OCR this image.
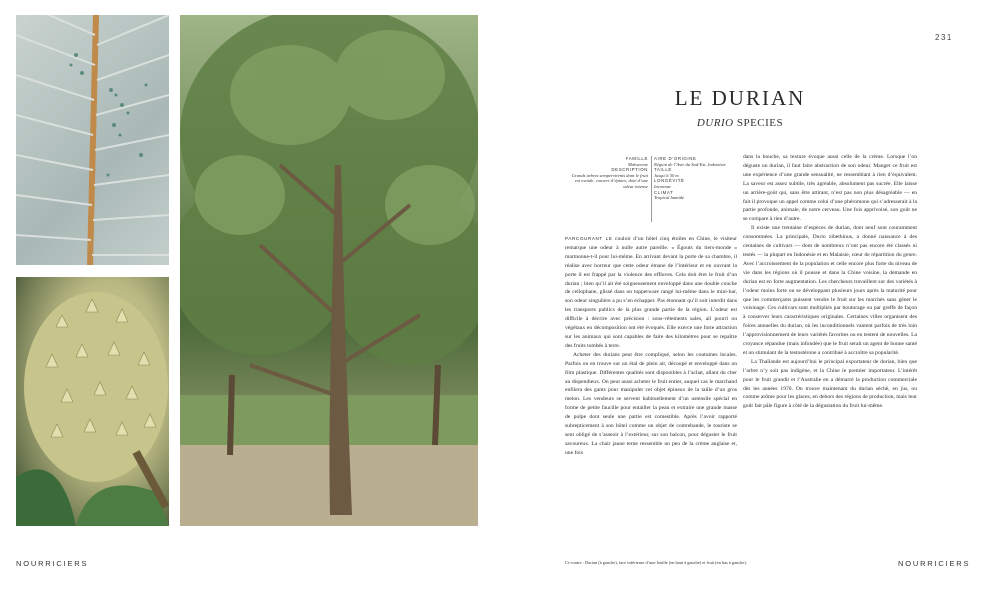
NOURRICIERS
231
LE DURIAN
DURIO SPECIES
FAMILLE
Malvaceae
DESCRIPTION
Grands arbres sempervirents dont le fruit est ovoïde, couvert d’épines, doté d’une odeur intense
AIRE D’ORIGINE
Région de l’Asie du Sud-Est, Indonésie
TAILLE
Jusqu’à 50 m
LONGÉVITÉ
Inconnue
CLIMAT
Tropical humide

PARCOURANT LE couloir d’un hôtel cinq étoiles en Chine, le visiteur remarque une odeur à nulle autre pareille. « Égouts du tiers-monde » marmonne-t-il pour lui-même. En arrivant devant la porte de sa chambre, il réalise avec horreur que cette odeur émane de l’intérieur et en ouvrant la porte il est frappé par la violence des effluves. Cela doit être le fruit d’un durian ; bien qu’il ait été soigneusement enveloppé dans une double couche de cellophane, glissé dans un tupperware rangé lui-même dans le mini-bar, son odeur singulière a pu s’en échapper. Pas étonnant qu’il soit interdit dans les transports publics de la plus grande partie de la région. L’odeur est difficile à décrire avec précision : sous-vêtements sales, ail pourri ou végétaux en décomposition ont été évoqués. Elle exerce une forte attraction sur les animaux qui sont capables de faire des kilomètres pour se repaître des fruits tombés à terre.

Acheter des durians peut être compliqué, selon les coutumes locales. Parfois on en trouve sur un étal de plein air, découpé et enveloppé dans un film plastique. Différentes qualités sont disponibles à l’achat, allant du cher au dispendieux. On peut aussi acheter le fruit entier, auquel cas le marchand enfilera des gants pour manipuler cet objet épineux de la taille d’un gros melon. Les vendeurs se servent habituellement d’un ustensile spécial en forme de petite faucille pour entailler la peau et extraire une grande masse de pulpe dont seule une partie est comestible. Après l’avoir rapporté subrepticement à son hôtel comme un objet de contrebande, le touriste se sent obligé de s’asseoir à l’extérieur, sur son balcon, pour déguster le fruit savoureux. La chair jaune terne ressemble un peu de la crème anglaise et, une fois

dans la bouche, sa texture évoque aussi celle de la crème. Lorsque l’on déguste un durian, il faut faire abstraction de son odeur. Manger ce fruit est une expérience d’une grande sensualité, ne ressemblant à rien d’équivalent. La saveur est assez subtile, très agréable, absolument pas sucrée. Elle laisse un arrière-goût qui, sans être attirant, n’est pas non plus désagréable — en fait il provoque un appel comme celui d’une phéromone qui s’adresserait à la partie profonde, animale, de notre cerveau. Une fois apprivoisé, son goût ne se compare à rien d’autre.

Il existe une trentaine d’espèces de durian, dont neuf sont couramment consommées. La principale, Durio zibethinus, a donné naissance à des centaines de cultivars — dont de nombreux n’ont pas encore été classés ni testés — la plupart en Indonésie et en Malaisie, cœur de répartition du genre. Avec l’accroissement de la population et celle encore plus forte du niveau de vie dans les régions où il pousse et dans la Chine voisine, la demande en durian est en forte augmentation. Les chercheurs travaillent sur des variétés à l’odeur moins forte ou se développant plusieurs jours après la maturité pour que les commerçants puissent vendre le fruit sur les marchés sans gêner le voisinage. Ces cultivars sont multipliés par bouturage ou par greffe de façon à conserver leurs caractéristiques originales. Certaines villes organisent des foires annuelles du durian, où les inconditionnels vantent parfois de très loin l’approvisionnement de leurs variétés favorites ou en testent de nouvelles. La croyance répandue (mais infondée) que le fruit serait un agent de bonne santé et un stimulant de la testostérone a contribué à accroître sa popularité.

La Thaïlande est aujourd’hui le principal exportateur de durian, bien que l’arbre n’y soit pas indigène, et la Chine le premier importateur. L’intérêt pour le fruit grandit et l’Australie en a démarré la production commerciale dès les années 1970. On trouve maintenant du durian séché, en jus, ou comme arôme pour les glaces, en dehors des régions de production, mais leur goût fait pâle figure à côté de la dégustation du fruit lui-même.

Ci-contre : Durian (à gauche), face inférieure d’une feuille (en haut à gauche) et fruit (en bas à gauche).	NOURRICIERS
